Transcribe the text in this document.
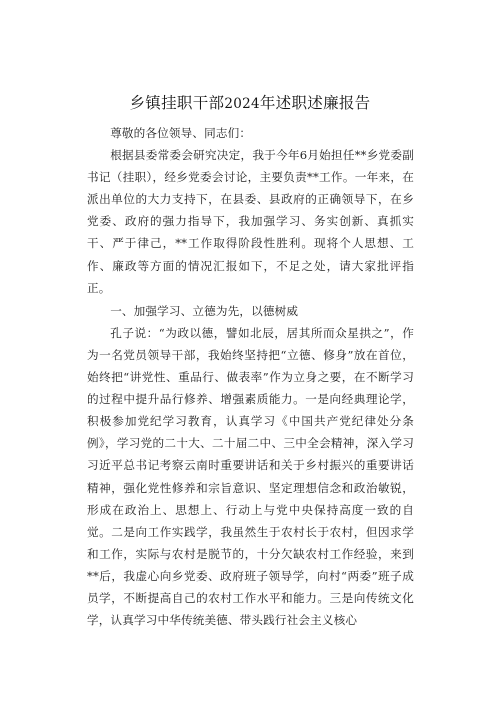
乡镇挂职干部2024年述职述廉报告

尊敬的各位领导、同志们：

根据县委常委会研究决定，我于今年6月始担任**乡党委副书记（挂职），经乡党委会讨论，主要负责**工作。一年来，在派出单位的大力支持下，在县委、县政府的正确领导下，在乡党委、政府的强力指导下，我加强学习、务实创新、真抓实干、严于律己，**工作取得阶段性胜利。现将个人思想、工作、廉政等方面的情况汇报如下，不足之处，请大家批评指正。

一、加强学习、立德为先，以德树威

孔子说：“为政以德，譬如北辰，居其所而众星拱之”，作为一名党员领导干部，我始终坚持把“立德、修身”放在首位，始终把“讲党性、重品行、做表率”作为立身之要，在不断学习的过程中提升品行修养、增强素质能力。一是向经典理论学，积极参加党纪学习教育，认真学习《中国共产党纪律处分条例》，学习党的二十大、二十届二中、三中全会精神，深入学习习近平总书记考察云南时重要讲话和关于乡村振兴的重要讲话精神，强化党性修养和宗旨意识、坚定理想信念和政治敏锐，形成在政治上、思想上、行动上与党中央保持高度一致的自觉。二是向工作实践学，我虽然生于农村长于农村，但因求学和工作，实际与农村是脱节的，十分欠缺农村工作经验，来到**后，我虚心向乡党委、政府班子领导学，向村“两委”班子成员学，不断提高自己的农村工作水平和能力。三是向传统文化学，认真学习中华传统美德、带头践行社会主义核心
